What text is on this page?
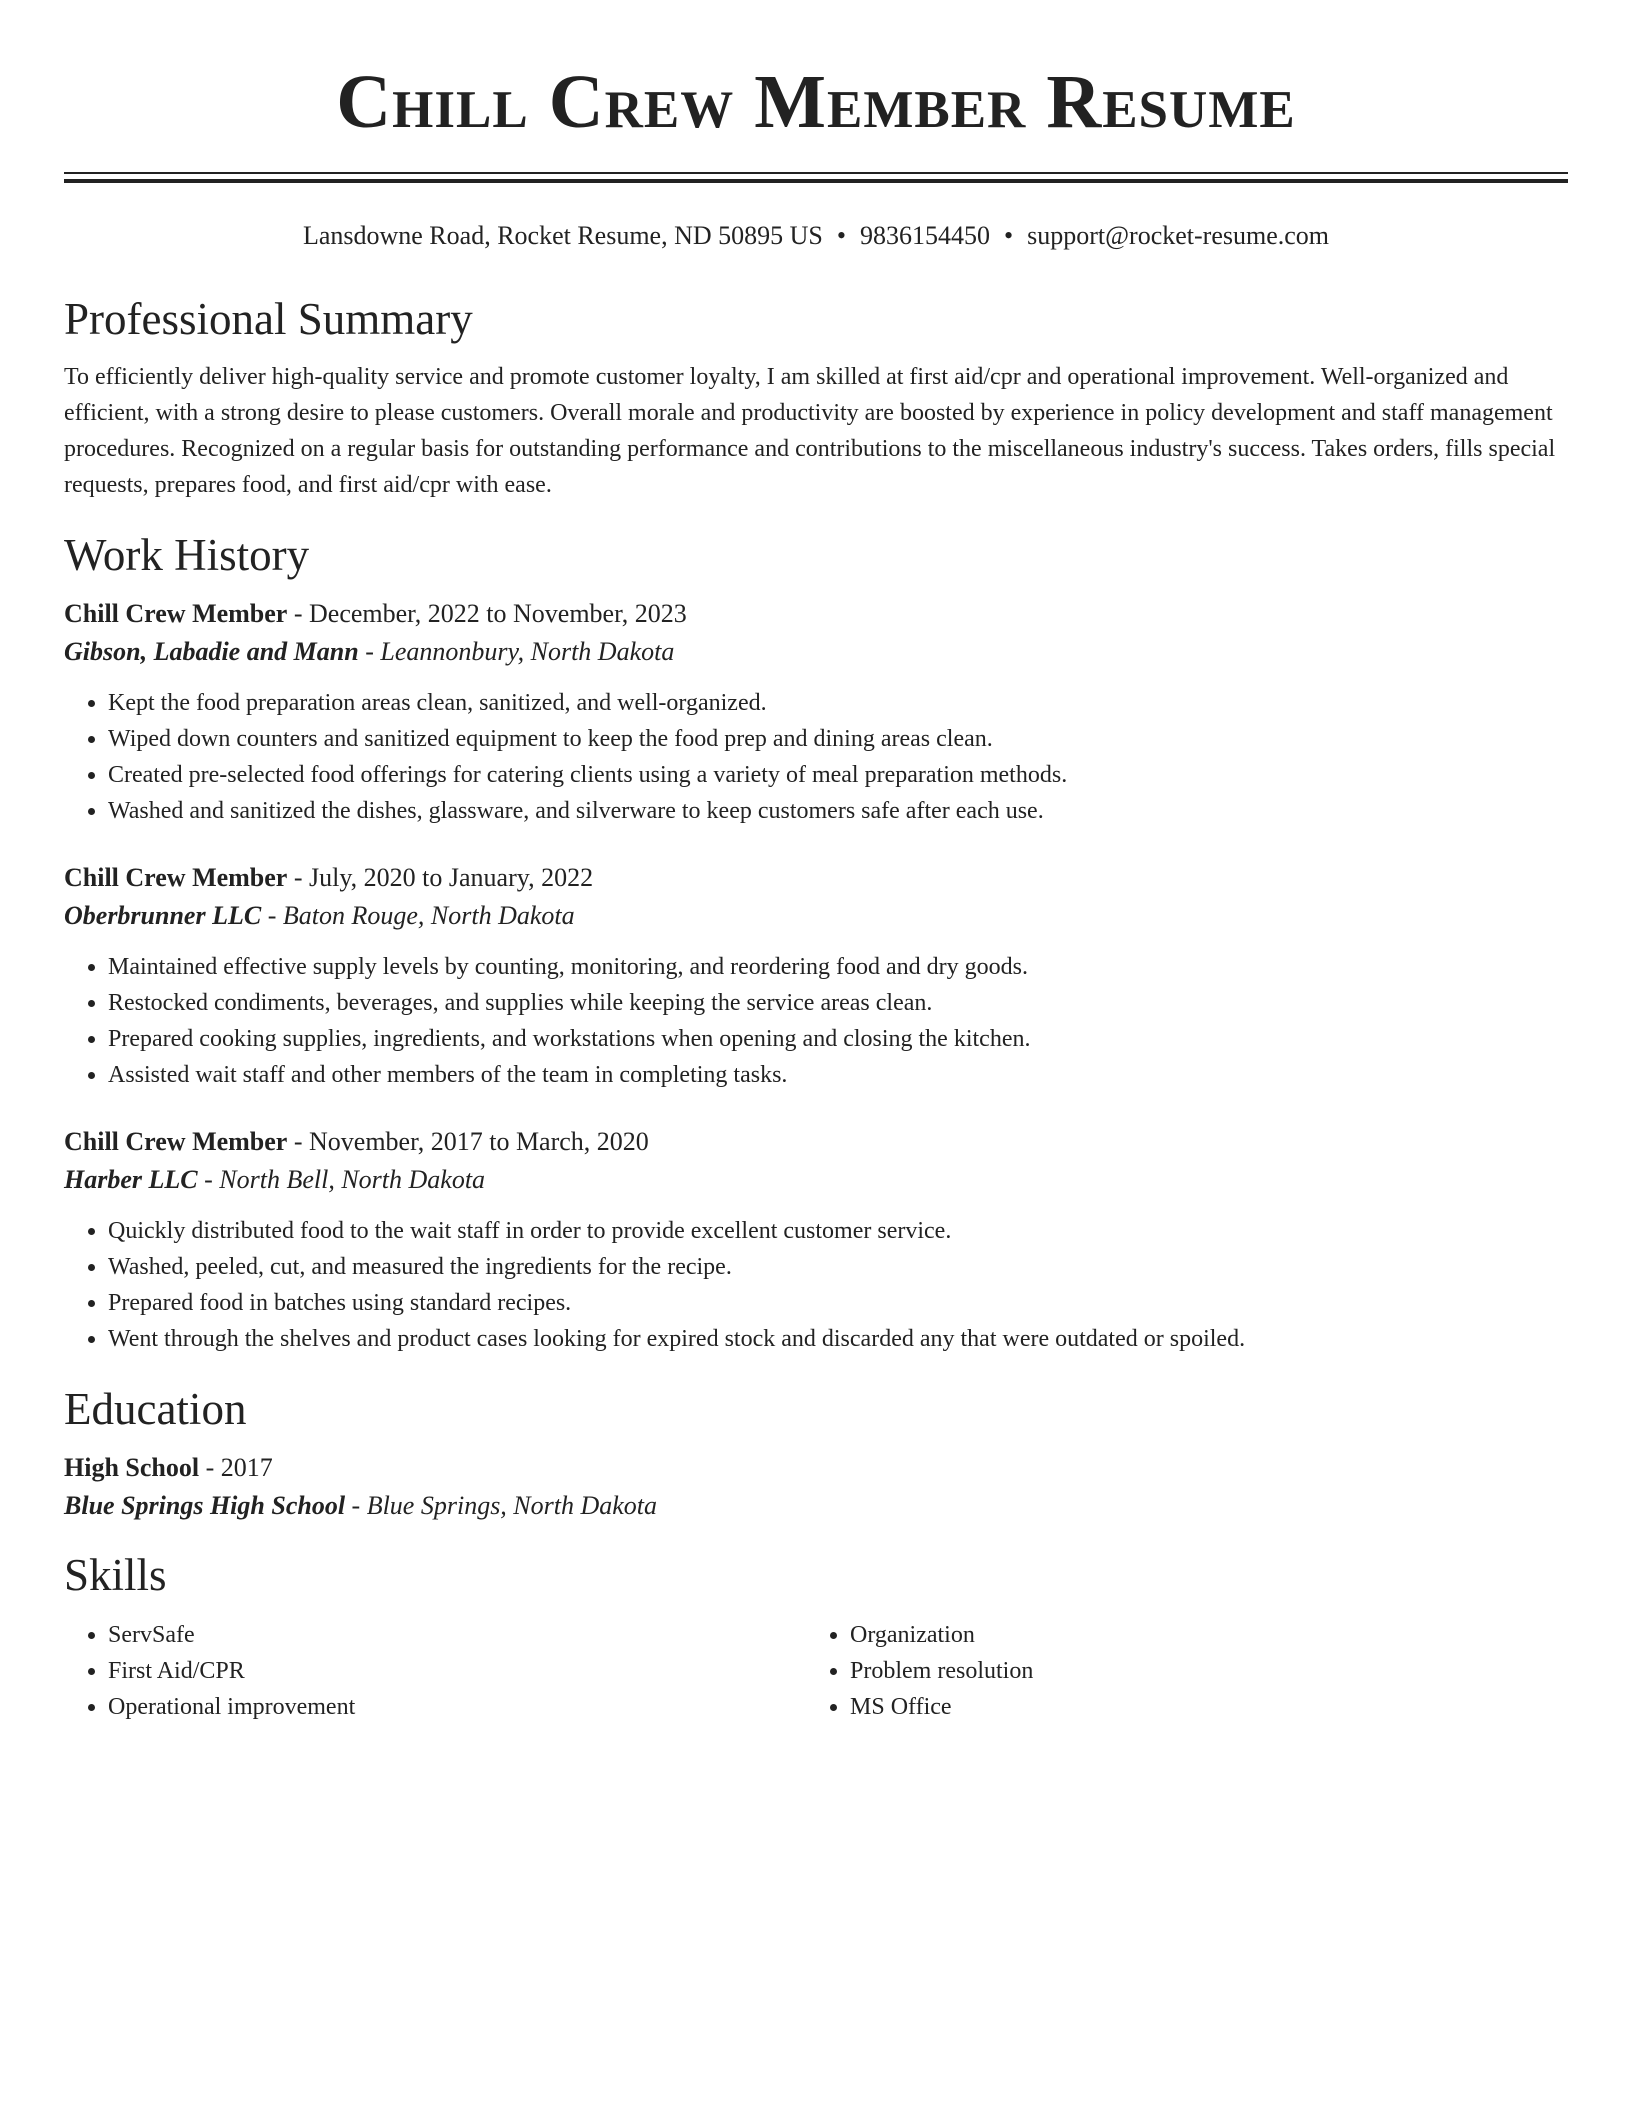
Chill Crew Member Resume
Lansdowne Road, Rocket Resume, ND 50895 US • 9836154450 • support@rocket-resume.com
Professional Summary

To efficiently deliver high-quality service and promote customer loyalty, I am skilled at first aid/cpr and operational improvement. Well-organized and efficient, with a strong desire to please customers. Overall morale and productivity are boosted by experience in policy development and staff management procedures. Recognized on a regular basis for outstanding performance and contributions to the miscellaneous industry's success. Takes orders, fills special requests, prepares food, and first aid/cpr with ease.

Work History
Chill Crew Member - December, 2022 to November, 2023
Gibson, Labadie and Mann - Leannonbury, North Dakota
• Kept the food preparation areas clean, sanitized, and well-organized.
• Wiped down counters and sanitized equipment to keep the food prep and dining areas clean.
• Created pre-selected food offerings for catering clients using a variety of meal preparation methods.
• Washed and sanitized the dishes, glassware, and silverware to keep customers safe after each use.
Chill Crew Member - July, 2020 to January, 2022
Oberbrunner LLC - Baton Rouge, North Dakota
• Maintained effective supply levels by counting, monitoring, and reordering food and dry goods.
• Restocked condiments, beverages, and supplies while keeping the service areas clean.
• Prepared cooking supplies, ingredients, and workstations when opening and closing the kitchen.
• Assisted wait staff and other members of the team in completing tasks.
Chill Crew Member - November, 2017 to March, 2020
Harber LLC - North Bell, North Dakota
• Quickly distributed food to the wait staff in order to provide excellent customer service.
• Washed, peeled, cut, and measured the ingredients for the recipe.
• Prepared food in batches using standard recipes.
• Went through the shelves and product cases looking for expired stock and discarded any that were outdated or spoiled.
Education
High School - 2017
Blue Springs High School - Blue Springs, North Dakota
Skills
• ServSafe
• First Aid/CPR
• Operational improvement
• Organization
• Problem resolution
• MS Office
